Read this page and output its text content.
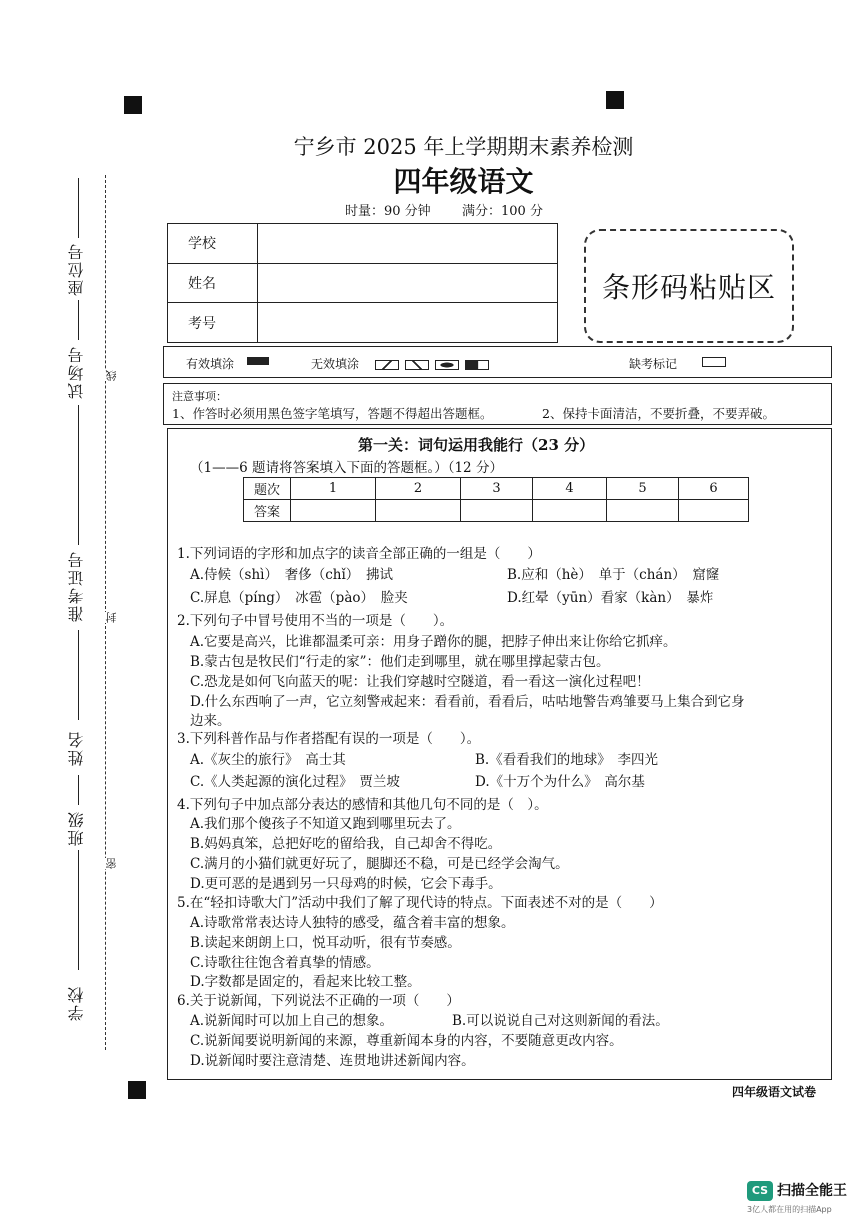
座位号
试场号
准考证号
姓名
班级
学校
线
封
密
宁乡市 2025 年上学期期末素养检测
四年级语文
时量：90 分钟 满分：100 分
学校	
姓名	
考号	
条形码粘贴区
有效填涂	无效填涂	缺考标记
注意事项：
1、作答时必须用黑色签字笔填写，答题不得超出答题框。	2、保持卡面清洁，不要折叠，不要弄破。
第一关：词句运用我能行（23 分）
（1——6 题请将答案填入下面的答题框。）（12 分）
题次	1	2	3	4	5	6
答案						
1.下列词语的字形和加点字的读音全部正确的一组是（　　）
A.侍候（shì）　奢侈（chǐ）　拂试	B.应和（hè）　单于（chán）　窟窿
C.屏息（píng）　冰雹（pào）　脸夹	D.红晕（yūn）看家（kàn）　暴炸
2.下列句子中冒号使用不当的一项是（　　）。
A.它要是高兴，比谁都温柔可亲：用身子蹭你的腿，把脖子伸出来让你给它抓痒。
B.蒙古包是牧民们“行走的家”：他们走到哪里，就在哪里撑起蒙古包。
C.恐龙是如何飞向蓝天的呢：让我们穿越时空隧道，看一看这一演化过程吧！
D.什么东西响了一声，它立刻警戒起来：看看前，看看后，咕咕地警告鸡雏要马上集合到它身
边来。
3.下列科普作品与作者搭配有误的一项是（　　）。
A.《灰尘的旅行》　高士其	B.《看看我们的地球》　李四光
C.《人类起源的演化过程》　贾兰坡	D.《十万个为什么》　高尔基
4.下列句子中加点部分表达的感情和其他几句不同的是（　）。
A.我们那个傻孩子不知道又跑到哪里玩去了。
B.妈妈真笨，总把好吃的留给我，自己却舍不得吃。
C.满月的小猫们就更好玩了，腿脚还不稳，可是已经学会淘气。
D.更可恶的是遇到另一只母鸡的时候，它会下毒手。
5.在“轻扣诗歌大门”活动中我们了解了现代诗的特点。下面表述不对的是（　　）
A.诗歌常常表达诗人独特的感受，蕴含着丰富的想象。
B.读起来朗朗上口，悦耳动听，很有节奏感。
C.诗歌往往饱含着真挚的情感。
D.字数都是固定的，看起来比较工整。
6.关于说新闻，下列说法不正确的一项（　　）
A.说新闻时可以加上自己的想象。	B.可以说说自己对这则新闻的看法。
C.说新闻要说明新闻的来源，尊重新闻本身的内容，不要随意更改内容。
D.说新闻时要注意清楚、连贯地讲述新闻内容。
四年级语文试卷
CS 扫描全能王
3亿人都在用的扫描App
